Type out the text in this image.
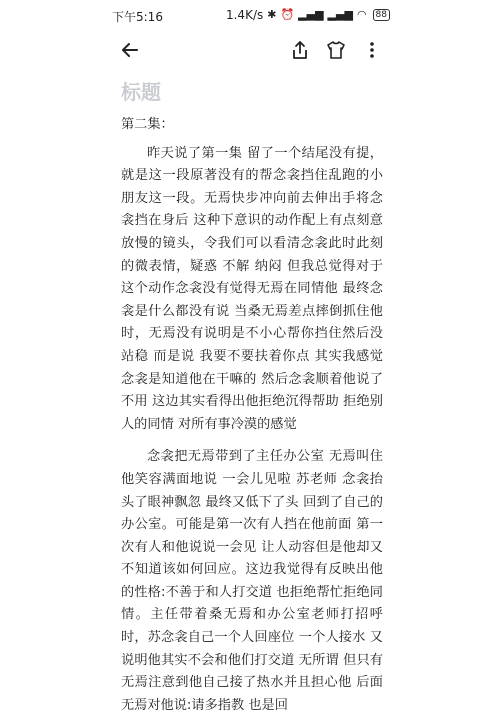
下午5:16	1.4K/s ✱ ⏰ ▂▄▆ ▂▄▆ ◠	88
标题

第二集：

昨天说了第一集 留了一个结尾没有提，就是这一段原著没有的帮念衾挡住乱跑的小朋友这一段。无焉快步冲向前去伸出手将念衾挡在身后 这种下意识的动作配上有点刻意放慢的镜头，令我们可以看清念衾此时此刻的微表情，疑惑 不解 纳闷 但我总觉得对于这个动作念衾没有觉得无焉在同情他 最终念衾是什么都没有说 当桑无焉差点摔倒抓住他时，无焉没有说明是不小心帮你挡住然后没站稳 而是说 我要不要扶着你点 其实我感觉念衾是知道他在干嘛的 然后念衾顺着他说了 不用 这边其实看得出他拒绝沉得帮助 拒绝别人的同情 对所有事冷漠的感觉

念衾把无焉带到了主任办公室 无焉叫住他笑容满面地说 一会儿见啦 苏老师 念衾抬头了眼神飘忽 最终又低下了头 回到了自己的办公室。可能是第一次有人挡在他前面 第一次有人和他说说一会见 让人动容但是他却又不知道该如何回应。这边我觉得有反映出他的性格:不善于和人打交道 也拒绝帮忙拒绝同情。主任带着桑无焉和办公室老师打招呼时，苏念衾自己一个人回座位 一个人接水 又说明他其实不会和他们打交道 无所谓 但只有无焉注意到他自己接了热水并且担心他 后面无焉对他说:请多指教 也是回
